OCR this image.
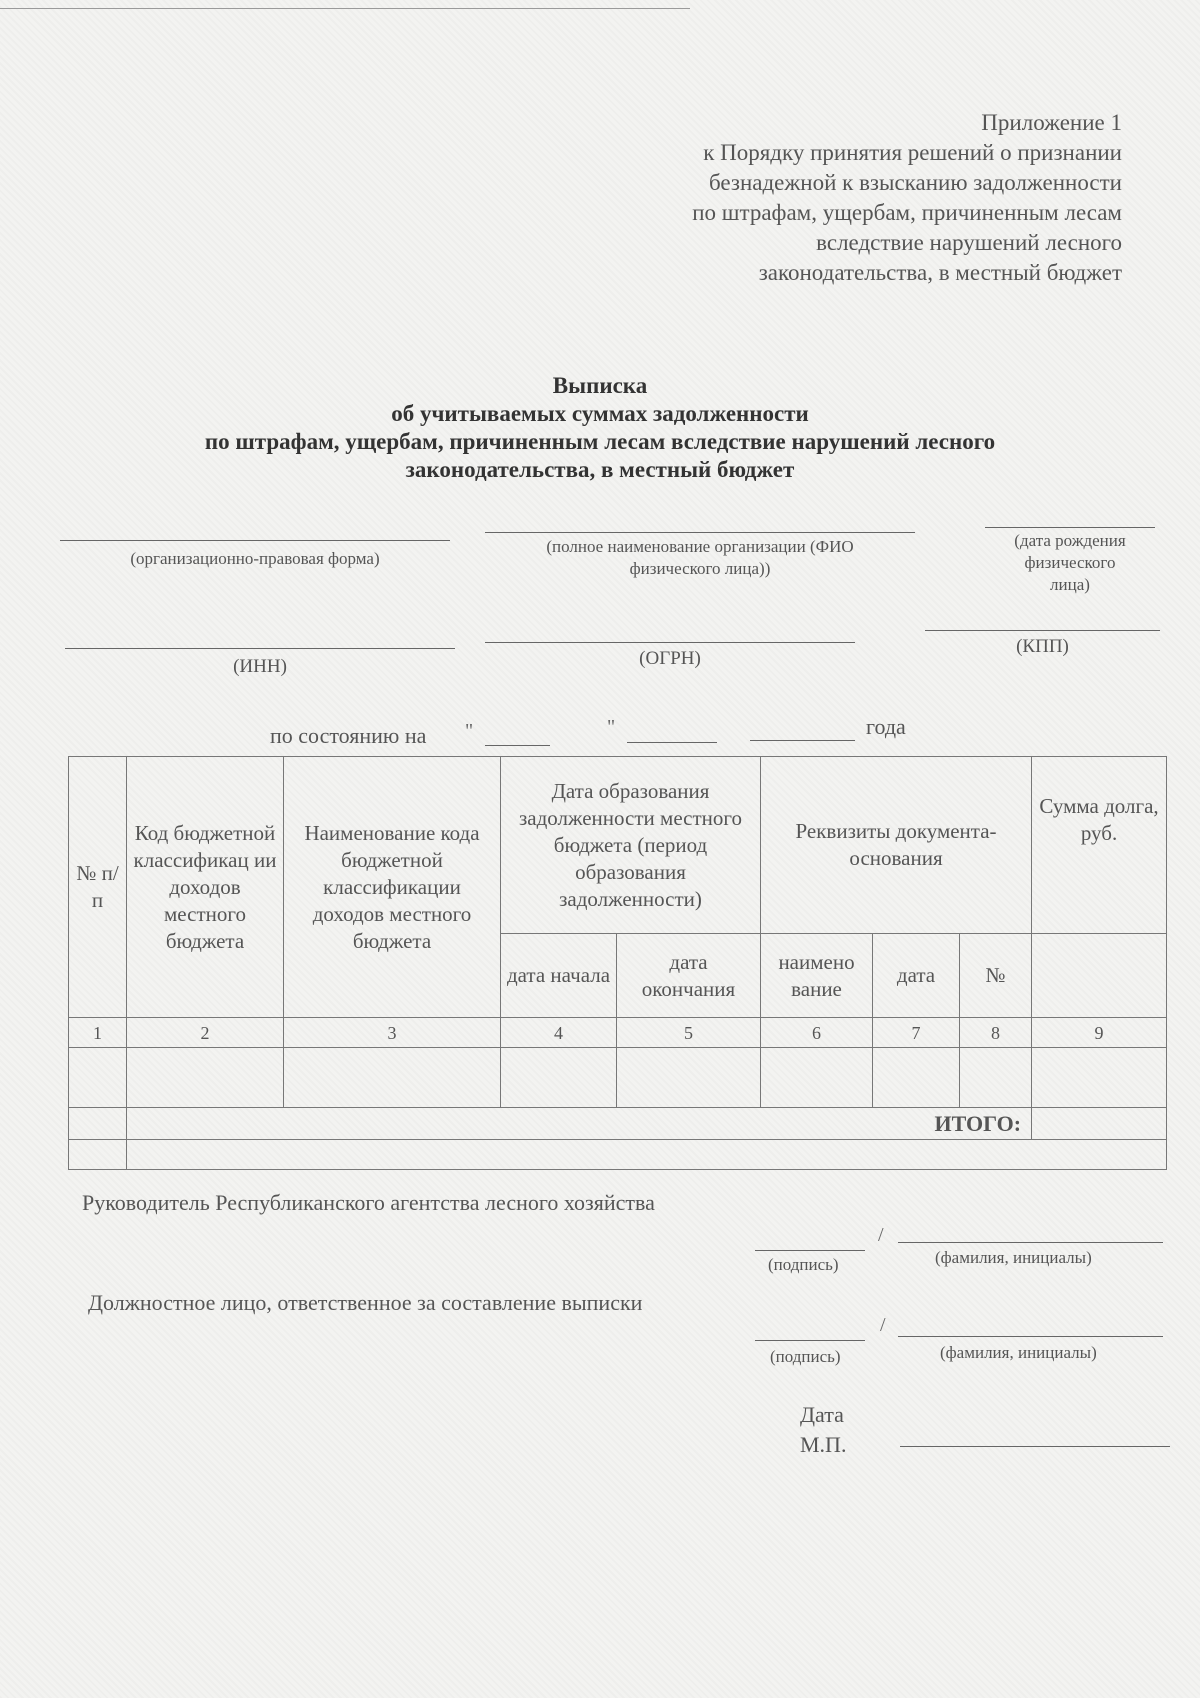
Приложение 1
к Порядку принятия решений о признании
безнадежной к взысканию задолженности
по штрафам, ущербам, причиненным лесам
вследствие нарушений лесного
законодательства, в местный бюджет
Выписка
об учитываемых суммах задолженности
по штрафам, ущербам, причиненным лесам вследствие нарушений лесного
законодательства, в местный бюджет
(организационно-правовая форма)
(полное наименование организации (ФИО
физического лица))
(дата рождения
физического
лица)
(ИНН)	(ОГРН)
(КПП)
по состоянию на "	"	года
№ п/п	Код бюджетной классификац ии доходов местного бюджета	Наименование кода бюджетной классификации доходов местного бюджета	Дата образования задолженности местного бюджета (период образования задолженности)		Реквизиты документа-основания			Сумма долга, руб.
			дата начала	дата окончания	наимено вание	дата	№	
1	2	3	4	5	6	7	8	9

	ИТОГО:							

Руководитель Республиканского агентства лесного хозяйства
/
(подпись)	(фамилия, инициалы)
Должностное лицо, ответственное за составление выписки
/
(подпись)	(фамилия, инициалы)
Дата
М.П.
